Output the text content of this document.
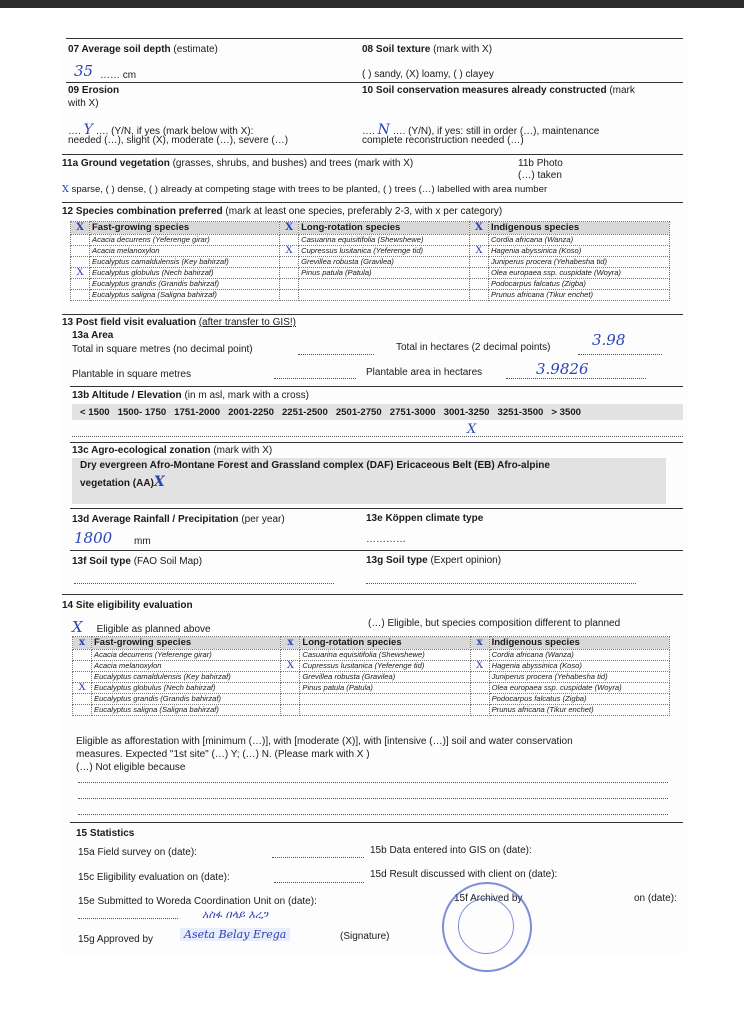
07 Average soil depth (estimate)
35 …… cm
08 Soil texture (mark with X)
( ) sandy, (X) loamy, ( ) clayey
09 Erosion
with X)
…. Y …. (Y/N, if yes (mark below with X):
needed (…), slight (X), moderate (…), severe (…)
10 Soil conservation measures already constructed (mark
…. N …. (Y/N), if yes: still in order (…), maintenance
complete reconstruction needed (…)
11a Ground vegetation (grasses, shrubs, and bushes) and trees (mark with X)	11b Photo
(…) taken
X sparse, ( ) dense, ( ) already at competing stage with trees to be planted, ( ) trees (…) labelled with area number
12 Species combination preferred (mark at least one species, preferably 2-3, with x per category)
X	Fast-growing species	X	Long-rotation species	X	Indigenous species
	Acacia decurrens (Yeferenge girar)		Casuarina equisitifolia (Shewshewe)		Cordia africana (Wanza)
	Acacia melanoxylon	X	Cupressus lusitanica (Yeferenge tid)	X	Hagenia abyssinica (Koso)
	Eucalyptus camaldulensis (Key bahirzaf)		Grevillea robusta (Gravilea)		Juniperus procera (Yehabesha tid)
X	Eucalyptus globulus (Nech bahirzaf)		Pinus patula (Patula)		Olea europaea ssp. cuspidate (Woyra)
	Eucalyptus grandis (Grandis bahirzaf)				Podocarpus falcatus (Zigba)
	Eucalyptus saligna (Saligna bahirzaf)				Prunus africana (Tikur enchet)
13 Post field visit evaluation (after transfer to GIS!)
13a Area
Total in square metres (no decimal point)	Total in hectares (2 decimal points)	3.98
Plantable in square metres	Plantable area in hectares	3.9826
13b Altitude / Elevation (in m asl, mark with a cross)
< 1500 1500- 1750 1751-2000 2001-2250 2251-2500 2501-2750 2751-3000 3001-3250 3251-3500 > 3500
X
13c Agro-ecological zonation (mark with X)
Dry evergreen Afro-Montane Forest and Grassland complex (DAF) Ericaceous Belt (EB) Afro-alpine
vegetation (AA)X
13d Average Rainfall / Precipitation (per year)
1800 mm
13e Köppen climate type
…………
13f Soil type (FAO Soil Map)	13g Soil type (Expert opinion)
14 Site eligibility evaluation
X Eligible as planned above
(…) Eligible, but species composition different to planned
x	Fast-growing species	x	Long-rotation species	x	Indigenous species
	Acacia decurrens (Yeferenge girar)		Casuarina equisitifolia (Shewshewe)		Cordia africana (Wanza)
	Acacia melanoxylon	X	Cupressus lusitanica (Yeferenge tid)	X	Hagenia abyssinica (Koso)
	Eucalyptus camaldulensis (Key bahirzaf)		Grevillea robusta (Gravilea)		Juniperus procera (Yehabesha tid)
X	Eucalyptus globulus (Nech bahirzaf)		Pinus patula (Patula)		Olea europaea ssp. cuspidate (Woyra)
	Eucalyptus grandis (Grandis bahirzaf)				Podocarpus falcatus (Zigba)
	Eucalyptus saligna (Saligna bahirzaf)				Prunus africana (Tikur enchet)
Eligible as afforestation with [minimum (…)], with [moderate (X)], with [intensive (…)] soil and water conservation
measures. Expected "1st site" (…) Y; (…) N. (Please mark with X )
(…) Not eligible because
15 Statistics
15a Field survey on (date):	15b Data entered into GIS on (date):
15c Eligibility evaluation on (date):	15d Result discussed with client on (date):
15e Submitted to Woreda Coordination Unit on (date):	15f Archived by	on (date):
አስፋ በላይ እረጋ
15g Approved by	Aseta Belay Erega	(Signature)
